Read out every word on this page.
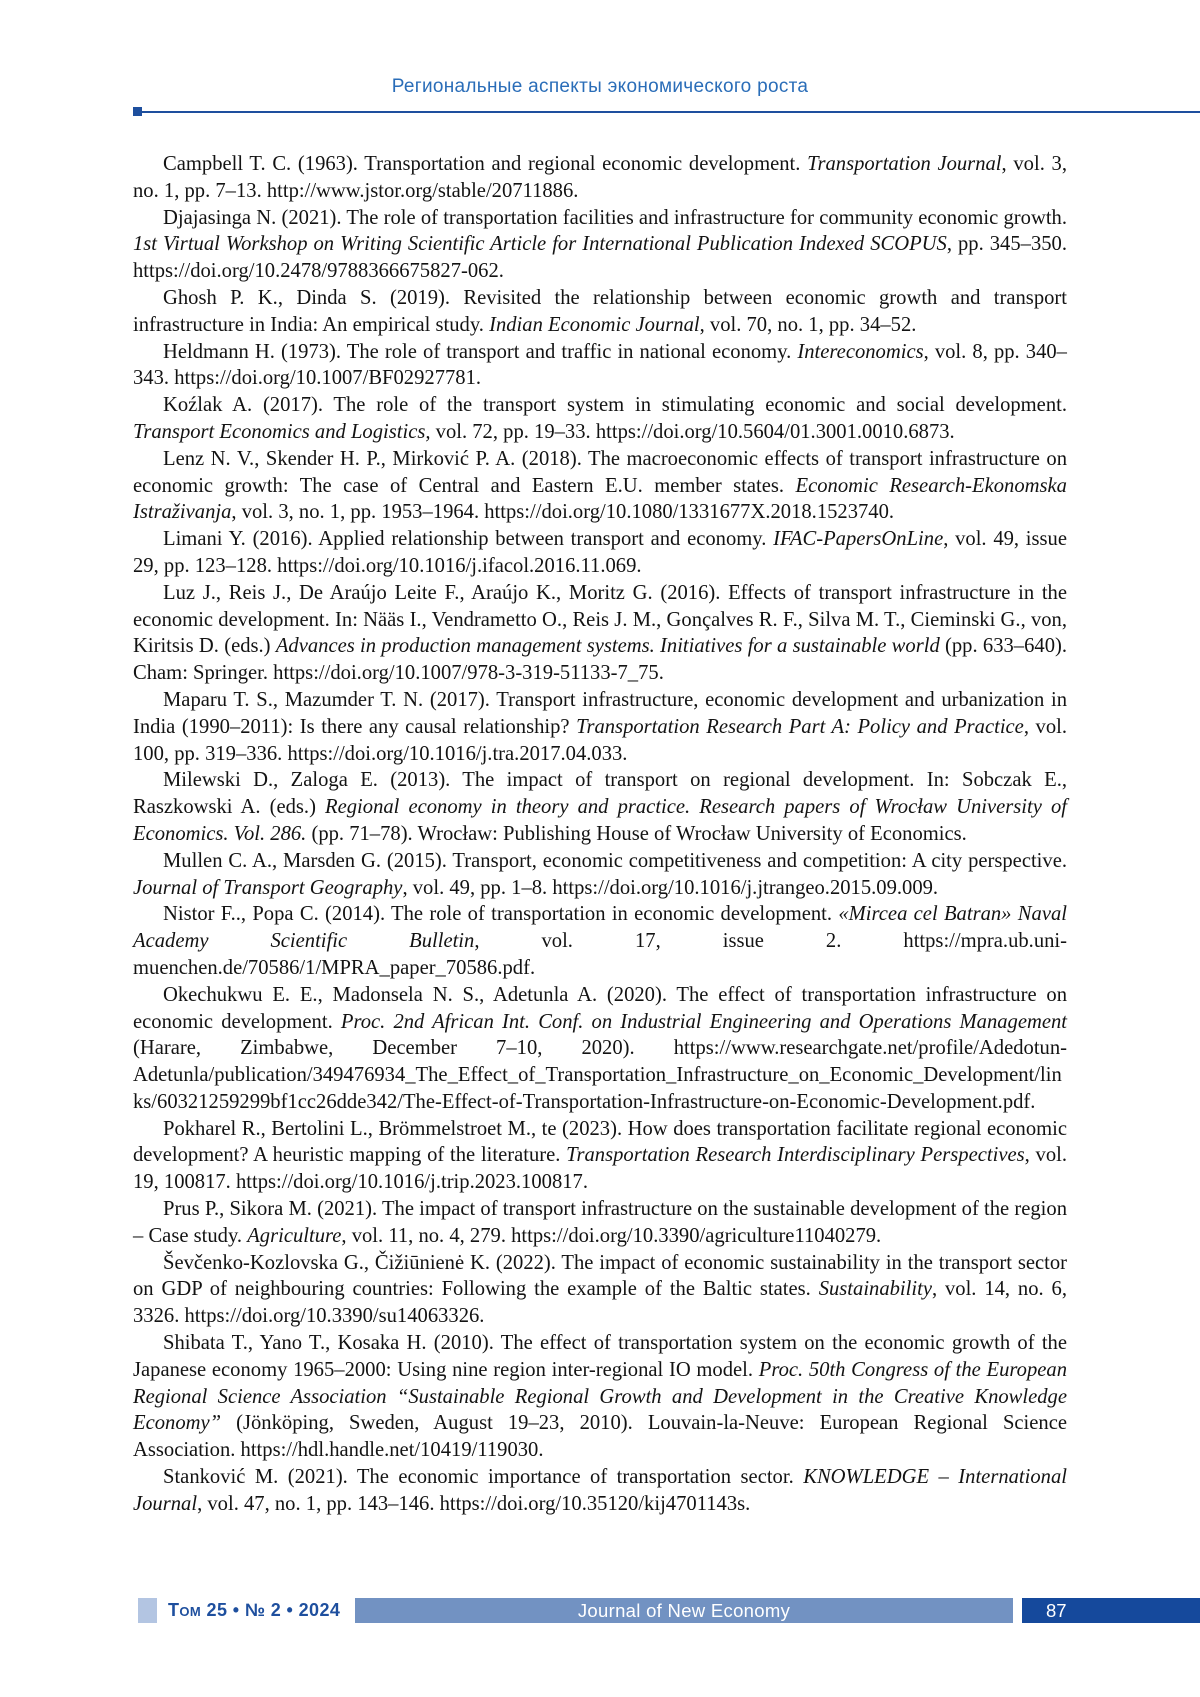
Региональные аспекты экономического роста

Campbell T. C. (1963). Transportation and regional economic development. Transportation Journal, vol. 3, no. 1, pp. 7–13. http://www.jstor.org/stable/20711886.

Djajasinga N. (2021). The role of transportation facilities and infrastructure for community economic growth. 1st Virtual Workshop on Writing Scientific Article for International Publication Indexed SCOPUS, pp. 345–350. https://doi.org/10.2478/9788366675827-062.

Ghosh P. K., Dinda S. (2019). Revisited the relationship between economic growth and transport infrastructure in India: An empirical study. Indian Economic Journal, vol. 70, no. 1, pp. 34–52.

Heldmann H. (1973). The role of transport and traffic in national economy. Intereconomics, vol. 8, pp. 340–343. https://doi.org/10.1007/BF02927781.

Koźlak A. (2017). The role of the transport system in stimulating economic and social development. Transport Economics and Logistics, vol. 72, pp. 19–33. https://doi.org/10.5604/01.3001.0010.6873.

Lenz N. V., Skender H. P., Mirković P. A. (2018). The macroeconomic effects of transport infrastructure on economic growth: The case of Central and Eastern E.U. member states. Economic Research-Ekonomska Istraživanja, vol. 3, no. 1, pp. 1953–1964. https://doi.org/10.1080/1331677X.2018.1523740.

Limani Y. (2016). Applied relationship between transport and economy. IFAC-PapersOnLine, vol. 49, issue 29, pp. 123–128. https://doi.org/10.1016/j.ifacol.2016.11.069.

Luz J., Reis J., De Araújo Leite F., Araújo K., Moritz G. (2016). Effects of transport infrastructure in the economic development. In: Nääs I., Vendrametto O., Reis J. M., Gonçalves R. F., Silva M. T., Cieminski G., von, Kiritsis D. (eds.) Advances in production management systems. Initiatives for a sustainable world (pp. 633–640). Cham: Springer. https://doi.org/10.1007/978-3-319-51133-7_75.

Maparu T. S., Mazumder T. N. (2017). Transport infrastructure, economic development and urbanization in India (1990–2011): Is there any causal relationship? Transportation Research Part A: Policy and Practice, vol. 100, pp. 319–336. https://doi.org/10.1016/j.tra.2017.04.033.

Milewski D., Zaloga E. (2013). The impact of transport on regional development. In: Sobczak E., Raszkowski A. (eds.) Regional economy in theory and practice. Research papers of Wrocław University of Economics. Vol. 286. (pp. 71–78). Wrocław: Publishing House of Wrocław University of Economics.

Mullen C. A., Marsden G. (2015). Transport, economic competitiveness and competition: A city perspective. Journal of Transport Geography, vol. 49, pp. 1–8. https://doi.org/10.1016/j.jtrangeo.2015.09.009.

Nistor F.., Popa C. (2014). The role of transportation in economic development. «Mircea cel Batran» Naval Academy Scientific Bulletin, vol. 17, issue 2. https://mpra.ub.uni-muenchen.de/70586/1/MPRA_paper_70586.pdf.

Okechukwu E. E., Madonsela N. S., Adetunla A. (2020). The effect of transportation infrastructure on economic development. Proc. 2nd African Int. Conf. on Industrial Engineering and Operations Management (Harare, Zimbabwe, December 7–10, 2020). https://www.researchgate.net/profile/Adedotun-Adetunla/publication/349476934_The_Effect_of_Transportation_Infrastructure_on_Economic_Development/links/60321259299bf1cc26dde342/The-Effect-of-Transportation-Infrastructure-on-Economic-Development.pdf.

Pokharel R., Bertolini L., Brömmelstroet M., te (2023). How does transportation facilitate regional economic development? A heuristic mapping of the literature. Transportation Research Interdisciplinary Perspectives, vol. 19, 100817. https://doi.org/10.1016/j.trip.2023.100817.

Prus P., Sikora M. (2021). The impact of transport infrastructure on the sustainable development of the region – Case study. Agriculture, vol. 11, no. 4, 279. https://doi.org/10.3390/agriculture11040279.

Ševčenko-Kozlovska G., Čižiūnienė K. (2022). The impact of economic sustainability in the transport sector on GDP of neighbouring countries: Following the example of the Baltic states. Sustainability, vol. 14, no. 6, 3326. https://doi.org/10.3390/su14063326.

Shibata T., Yano T., Kosaka H. (2010). The effect of transportation system on the economic growth of the Japanese economy 1965–2000: Using nine region inter-regional IO model. Proc. 50th Congress of the European Regional Science Association “Sustainable Regional Growth and Development in the Creative Knowledge Economy” (Jönköping, Sweden, August 19–23, 2010). Louvain-la-Neuve: European Regional Science Association. https://hdl.handle.net/10419/119030.

Stanković M. (2021). The economic importance of transportation sector. KNOWLEDGE – International Journal, vol. 47, no. 1, pp. 143–146. https://doi.org/10.35120/kij4701143s.

Том 25 • № 2 • 2024	Journal of New Economy	87
